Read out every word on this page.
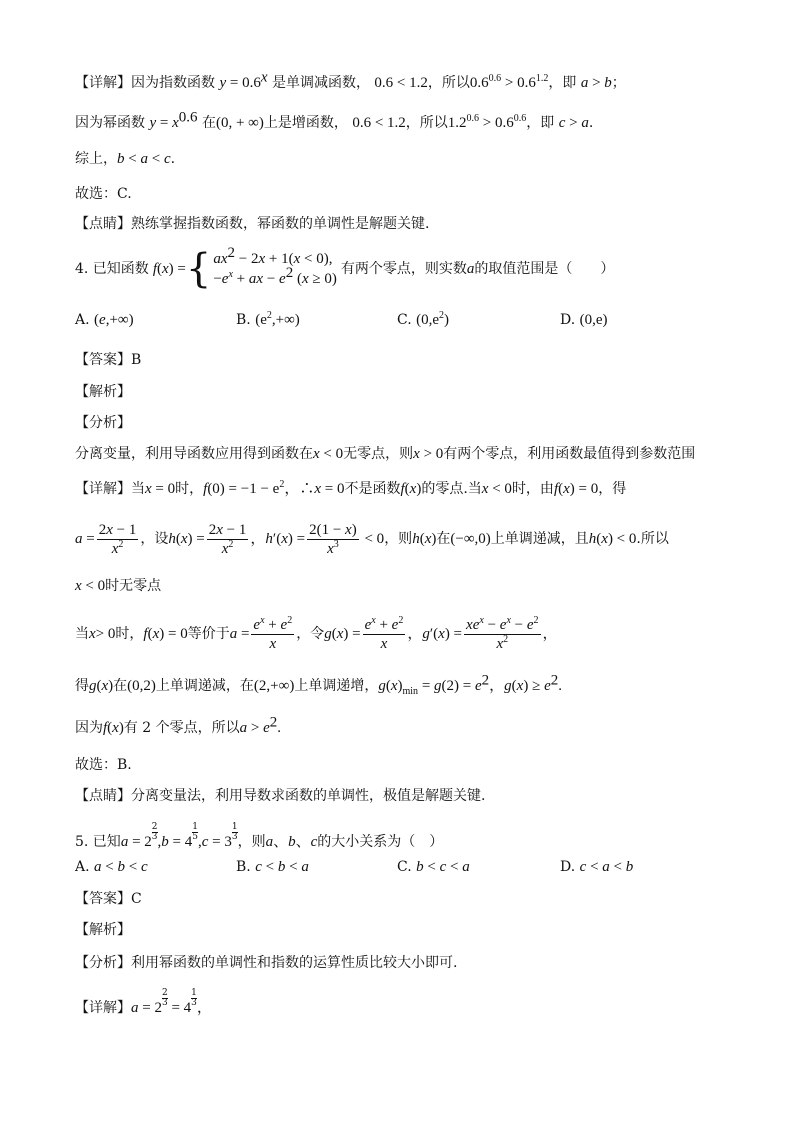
【详解】因为指数函数 $y = 0.6^x$ 是单调减函数， 0.6 < 1.2，所以$0.6^{0.6} > 0.6^{1.2}$，即 a > b；
因为幂函数 $y = x^{0.6}$ 在(0, + ∞)上是增函数， 0.6 < 1.2，所以$1.2^{0.6} > 0.6^{0.6}$，即 c > a.
综上，b < a < c.
故选：C.
【点睛】熟练掌握指数函数，幂函数的单调性是解题关键.
4. 已知函数 f ( x ) = { $ax^2 - 2x + 1(x < 0)$,
$-e^x$ + ax − $e^2$ (x ≥ 0)
有两个零点，则实数 a 的取值范围是（　　）
A. (e,+∞)	B. $(e^2,+\infty)$	C. $(0,e^2)$	D. (0,e)
【答案】B
【解析】
【分析】
分离变量，利用导函数应用得到函数在x < 0无零点，则x > 0有两个零点，利用函数最值得到参数范围
【详解】当x = 0时，$f(0) = -1 - e^2$，∴x = 0不是函数f(x)的零点.当x < 0时，由f(x) = 0，得
$a = \frac{2x - 1}{x^2}$ ，设 h ( x ) = $\frac{2x - 1}{x^2}$ ， h ′( x ) = $\frac{2(1 - x)}{x^3} < 0$ ，则 h ( x ) 在 (−∞,0) 上单调递减，且 h ( x ) < 0 .所以
x < 0时无零点
当 x > 0 时， f ( x ) = 0 等价于 $a = \frac{e^x + e^2}{x}$ ，令 g ( x ) = $\frac{e^x + e^2}{x}$ ， g ′( x ) = $\frac{xe^x - e^x - e^2}{x^2}$ ，
得g(x)在(0,2)上单调递减，在(2,+∞)上单调递增，$g(x)_{min} = g(2) = e^2$，$g(x) \ge e^2$.
因为f(x)有 2 个零点，所以$a > e^2$.
故选：B.
【点睛】分离变量法，利用导数求函数的单调性，极值是解题关键.
5. 已知 a = 2
2
3 , b = 4
1
5 , c = 3
1
3 ，则 a 、 b 、 c 的大小关系为（　）
A. a < b < c	B. c < b < a	C. b < c < a	D. c < a < b
【答案】C
【解析】
【分析】利用幂函数的单调性和指数的运算性质比较大小即可.
【详解】 $a = 2 \frac{2}{3} = 4$
1
3 ，
